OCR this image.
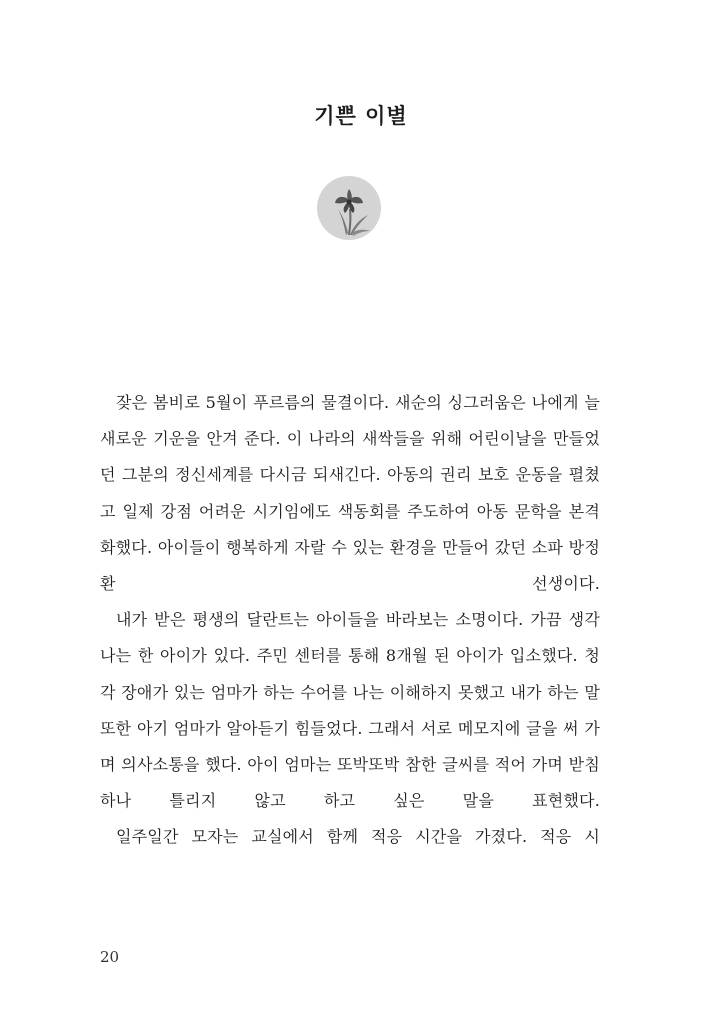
기쁜 이별

잦은 봄비로 5월이 푸르름의 물결이다. 새순의 싱그러움은 나에게 늘 새로운 기운을 안겨 준다. 이 나라의 새싹들을 위해 어린이날을 만들었던 그분의 정신세계를 다시금 되새긴다. 아동의 권리 보호 운동을 펼쳤고 일제 강점 어려운 시기임에도 색동회를 주도하여 아동 문학을 본격화했다. 아이들이 행복하게 자랄 수 있는 환경을 만들어 갔던 소파 방정환 선생이다.

내가 받은 평생의 달란트는 아이들을 바라보는 소명이다. 가끔 생각나는 한 아이가 있다. 주민 센터를 통해 8개월 된 아이가 입소했다. 청각 장애가 있는 엄마가 하는 수어를 나는 이해하지 못했고 내가 하는 말 또한 아기 엄마가 알아듣기 힘들었다. 그래서 서로 메모지에 글을 써 가며 의사소통을 했다. 아이 엄마는 또박또박 참한 글씨를 적어 가며 받침 하나 틀리지 않고 하고 싶은 말을 표현했다.

일주일간 모자는 교실에서 함께 적응 시간을 가졌다. 적응 시

20
